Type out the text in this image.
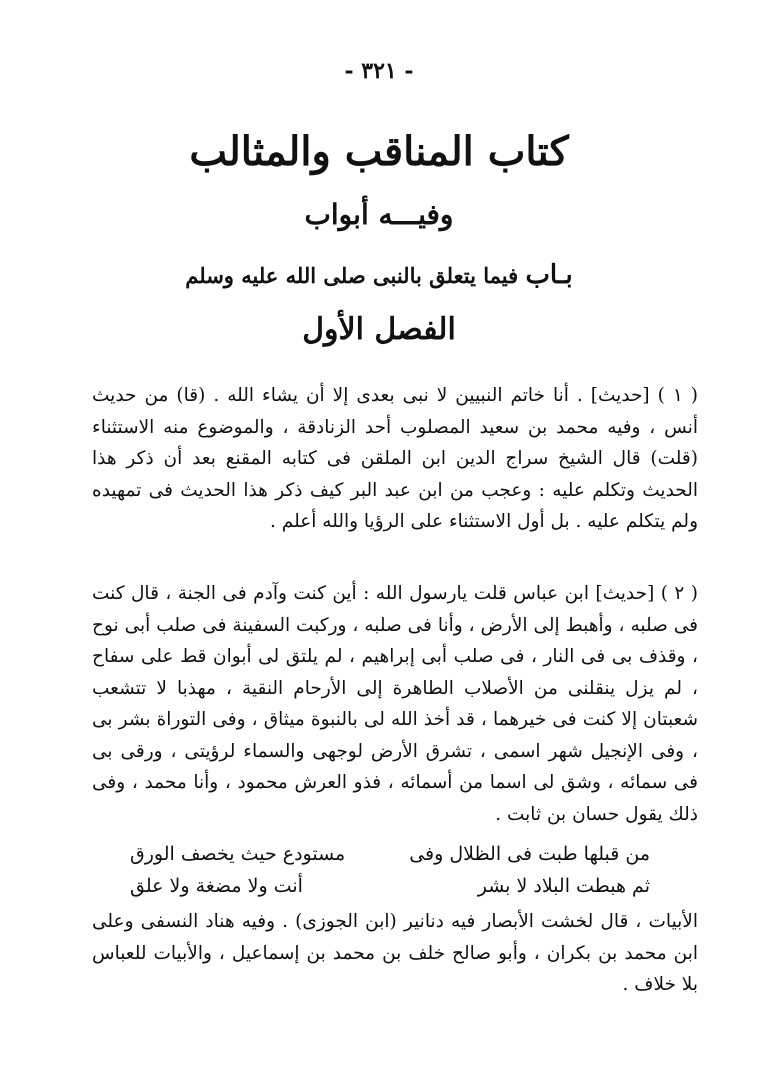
- ٣٢١ -
كتاب المناقب والمثالب
وفيـــه أبواب
بـاب فيما يتعلق بالنبى صلى الله عليه وسلم
الفصل الأول
( ١ ) [حديث] . أنا خاتم النبيين لا نبى بعدى إلا أن يشاء الله . (قا) من حديث أنس ، وفيه محمد بن سعيد المصلوب أحد الزنادقة ، والموضوع منه الاستثناء (قلت) قال الشيخ سراج الدين ابن الملقن فى كتابه المقنع بعد أن ذكر هذا الحديث وتكلم عليه : وعجب من ابن عبد البر كيف ذكر هذا الحديث فى تمهيده ولم يتكلم عليه . بل أول الاستثناء على الرؤيا والله أعلم .
( ٢ ) [حديث] ابن عباس قلت يارسول الله : أين كنت وآدم فى الجنة ، قال كنت فى صلبه ، وأهبط إلى الأرض ، وأنا فى صلبه ، وركبت السفينة فى صلب أبى نوح ، وقذف بى فى النار ، فى صلب أبى إبراهيم ، لم يلتق لى أبوان قط على سفاح ، لم يزل ينقلنى من الأصلاب الطاهرة إلى الأرحام النقية ، مهذبا لا تتشعب شعبتان إلا كنت فى خيرهما ، قد أخذ الله لى بالنبوة ميثاق ، وفى التوراة بشر بى ، وفى الإنجيل شهر اسمى ، تشرق الأرض لوجهى والسماء لرؤيتى ، ورقى بى فى سمائه ، وشق لى اسما من أسمائه ، فذو العرش محمود ، وأنا محمد ، وفى ذلك يقول حسان بن ثابت .
من قبلها طبت فى الظلال وفى
مستودع حيث يخصف الورق
ثم هبطت البلاد لا بشر
أنت ولا مضغة ولا علق
الأبيات ، قال لخشت الأبصار فيه دنانير (ابن الجوزى) . وفيه هناد النسفى وعلى ابن محمد بن بكران ، وأبو صالح خلف بن محمد بن إسماعيل ، والأبيات للعباس بلا خلاف .
